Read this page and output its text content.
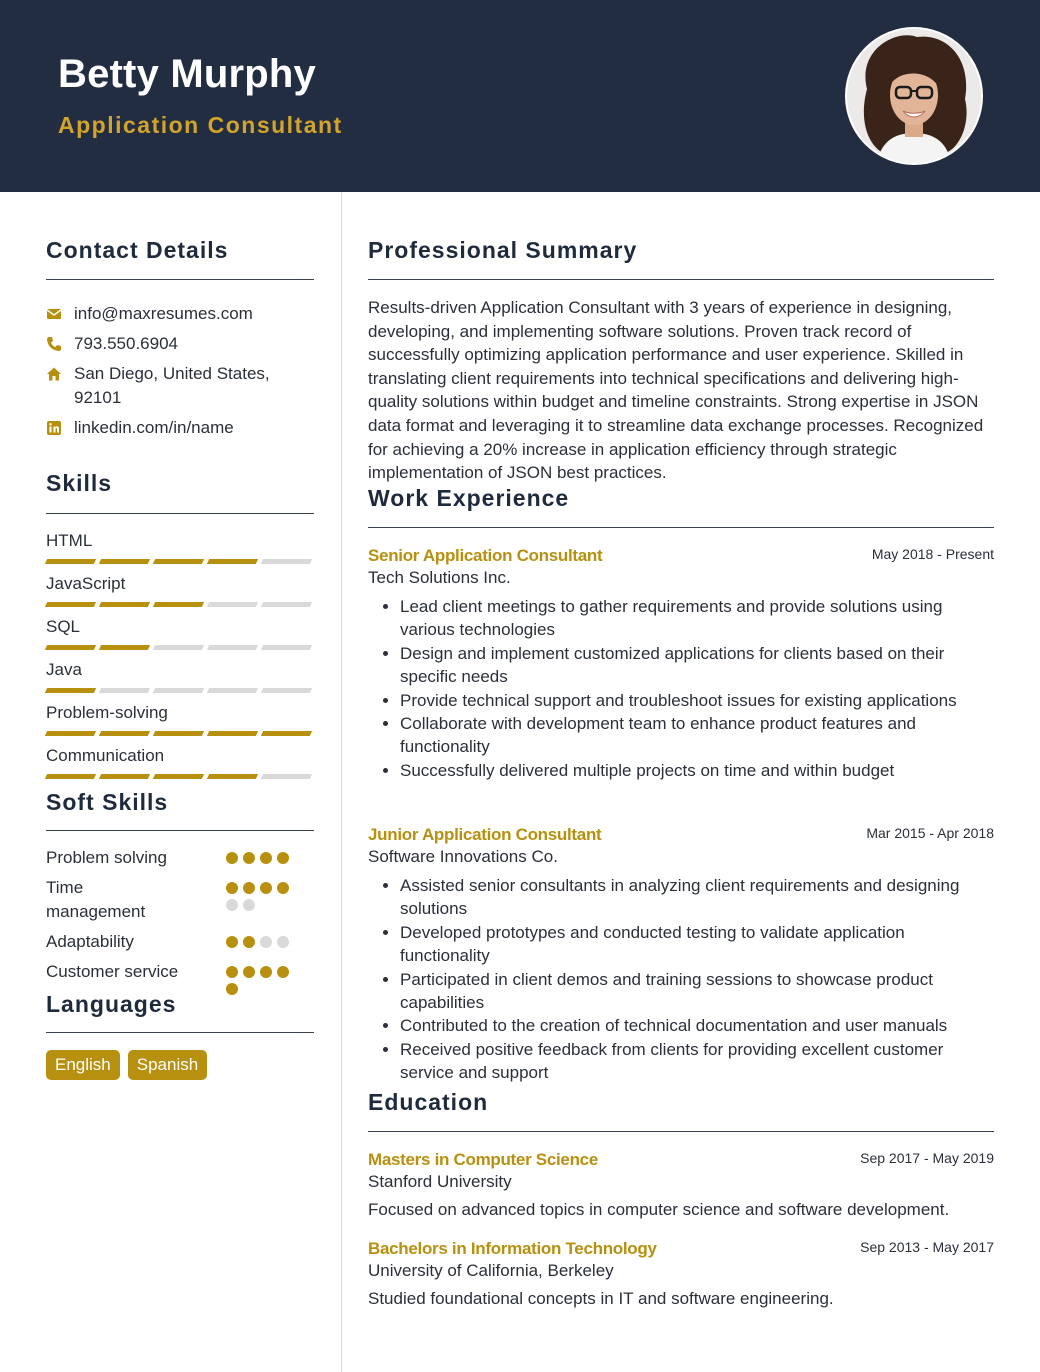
Betty Murphy
Application Consultant
Contact Details
info@maxresumes.com
793.550.6904
San Diego, United States, 92101
linkedin.com/in/name
Skills
HTML
JavaScript
SQL
Java
Problem-solving
Communication
Soft Skills
Problem solving
Time management
Adaptability
Customer service
Languages
English	Spanish
Professional Summary
Results-driven Application Consultant with 3 years of experience in designing, developing, and implementing software solutions. Proven track record of successfully optimizing application performance and user experience. Skilled in translating client requirements into technical specifications and delivering high-quality solutions within budget and timeline constraints. Strong expertise in JSON data format and leveraging it to streamline data exchange processes. Recognized for achieving a 20% increase in application efficiency through strategic implementation of JSON best practices.
Work Experience
Senior Application Consultant	May 2018 - Present
Tech Solutions Inc.
• Lead client meetings to gather requirements and provide solutions using various technologies
• Design and implement customized applications for clients based on their specific needs
• Provide technical support and troubleshoot issues for existing applications
• Collaborate with development team to enhance product features and functionality
• Successfully delivered multiple projects on time and within budget
Junior Application Consultant	Mar 2015 - Apr 2018
Software Innovations Co.
• Assisted senior consultants in analyzing client requirements and designing solutions
• Developed prototypes and conducted testing to validate application functionality
• Participated in client demos and training sessions to showcase product capabilities
• Contributed to the creation of technical documentation and user manuals
• Received positive feedback from clients for providing excellent customer service and support
Education
Masters in Computer Science	Sep 2017 - May 2019
Stanford University
Focused on advanced topics in computer science and software development.
Bachelors in Information Technology	Sep 2013 - May 2017
University of California, Berkeley
Studied foundational concepts in IT and software engineering.
